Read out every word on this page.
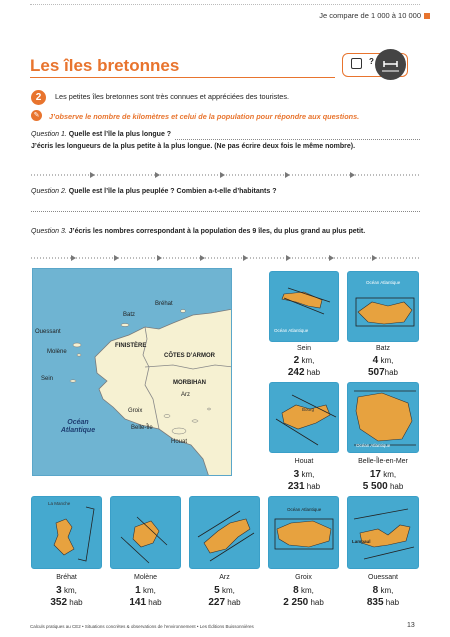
Je compare de 1 000 à 10 000
Les îles bretonnes	?
2	Les petites îles bretonnes sont très connues et appréciées des touristes.
✎	J’observe le nombre de kilomètres et celui de la population pour répondre aux questions.
Question 1. Quelle est l’île la plus longue ?
J’écris les longueurs de la plus petite à la plus longue. (Ne pas écrire deux fois le même nombre).
Question 2. Quelle est l’île la plus peuplée ? Combien a-t-elle d’habitants ?
Question 3. J’écris les nombres correspondant à la population des 9 îles, du plus grand au plus petit.
Bréhat
Batz
Ouessant
Molène
Sein
Groix
Belle-Île
Houat
Arz
FINISTÈRE
CÔTES D’ARMOR
MORBIHAN
Océan Atlantique
Océan Atlantique
Océan Atlantique
Bourg
Océan Atlantique
Sein
2 km,
242 hab
Batz
4 km,
507hab
Houat
3 km,
231 hab
Belle-Île-en-Mer
17 km,
5 500 hab
La Manche
Océan Atlantique
Lampaul
Bréhat
3 km,
352 hab
Molène
1 km,
141 hab
Arz
5 km,
227 hab
Groix
8 km,
2 250 hab
Ouessant
8 km,
835 hab
Calculs pratiques au CE2 • Situations concrètes & observations de l’environnement • Les Éditions Buissonnières	13
